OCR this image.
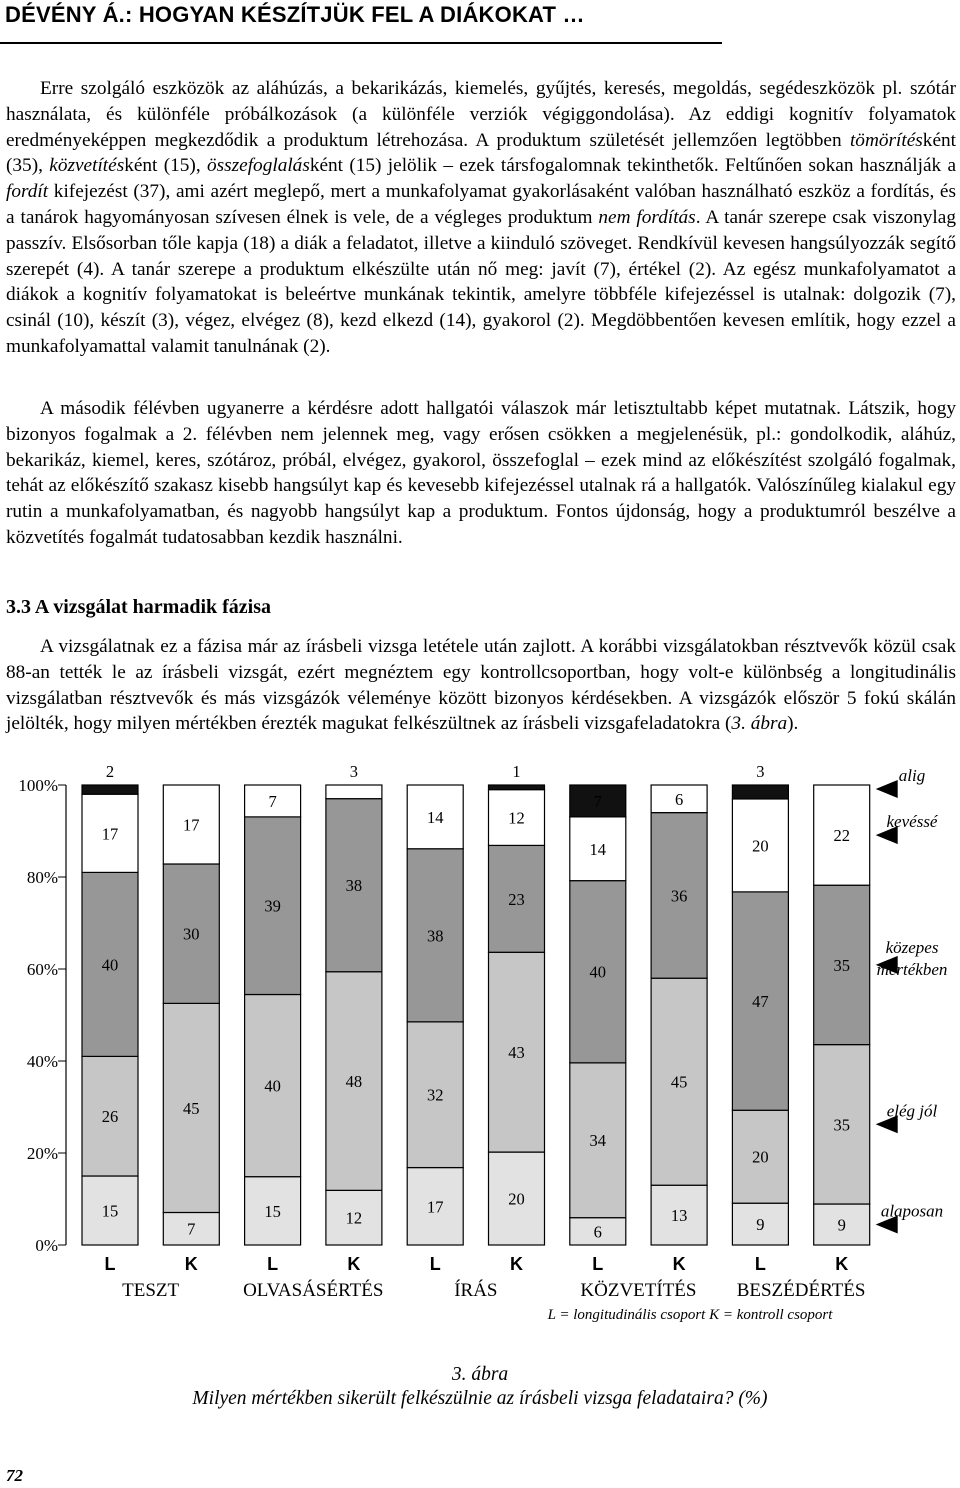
DÉVÉNY Á.: HOGYAN KÉSZÍTJÜK FEL A DIÁKOKAT …

Erre szolgáló eszközök az aláhúzás, a bekarikázás, kiemelés, gyűjtés, keresés, megoldás, segédeszközök pl. szótár használata, és különféle próbálkozások (a különféle verziók végiggondolása). Az eddigi kognitív folyamatok eredményeképpen megkezdődik a produktum létrehozása. A produktum születését jellemzően legtöbben tömörítésként (35), közvetítésként (15), összefoglalásként (15) jelölik – ezek társfogalomnak tekinthetők. Feltűnően sokan használják a fordít kifejezést (37), ami azért meglepő, mert a munkafolyamat gyakorlásaként valóban használható eszköz a fordítás, és a tanárok hagyományosan szívesen élnek is vele, de a végleges produktum nem fordítás. A tanár szerepe csak viszonylag passzív. Elsősorban tőle kapja (18) a diák a feladatot, illetve a kiinduló szöveget. Rendkívül kevesen hangsúlyozzák segítő szerepét (4). A tanár szerepe a produktum elkészülte után nő meg: javít (7), értékel (2). Az egész munkafolyamatot a diákok a kognitív folyamatokat is beleértve munkának tekintik, amelyre többféle kifejezéssel is utalnak: dolgozik (7), csinál (10), készít (3), végez, elvégez (8), kezd elkezd (14), gyakorol (2). Megdöbbentően kevesen említik, hogy ezzel a munkafolyamattal valamit tanulnának (2).

A második félévben ugyanerre a kérdésre adott hallgatói válaszok már letisztultabb képet mutatnak. Látszik, hogy bizonyos fogalmak a 2. félévben nem jelennek meg, vagy erősen csökken a megjelenésük, pl.: gondolkodik, aláhúz, bekarikáz, kiemel, keres, szótároz, próbál, elvégez, gyakorol, összefoglal – ezek mind az előkészítést szolgáló fogalmak, tehát az előkészítő szakasz kisebb hangsúlyt kap és kevesebb kifejezéssel utalnak rá a hallgatók. Valószínűleg kialakul egy rutin a munkafolyamatban, és nagyobb hangsúlyt kap a produktum. Fontos újdonság, hogy a produktumról beszélve a közvetítés fogalmát tudatosabban kezdik használni.

3.3 A vizsgálat harmadik fázisa

A vizsgálatnak ez a fázisa már az írásbeli vizsga letétele után zajlott. A korábbi vizsgálatokban résztvevők közül csak 88-an tették le az írásbeli vizsgát, ezért megnéztem egy kontrollcsoportban, hogy volt-e különbség a longitudinális vizsgálatban résztvevők és más vizsgázók véleménye között bizonyos kérdésekben. A vizsgázók először 5 fokú skálán jelölték, hogy milyen mértékben érezték magukat felkészültnek az írásbeli vizsgafeladatokra (3. ábra).

0%
20%
40%
60%
80%
100%
15
26
40
17
2
7
45
30
17
15
40
39
7
12
48
38
3
17
32
38
14
20
43
23
12
1
6
34
40
14
7
13
45
36
6
9
20
47
20
3
9
35
35
22
L	K	L	K	L	K	L	K	L	K
TESZT	OLVASÁSÉRTÉS	ÍRÁS	KÖZVETÍTÉS BESZÉDÉRTÉS
L = longitudinális csoport K = kontroll csoport
alig
kevéssé
közepes
mértékben
elég jól
alaposan
3. ábra
Milyen mértékben sikerült felkészülnie az írásbeli vizsga feladataira? (%)
72
